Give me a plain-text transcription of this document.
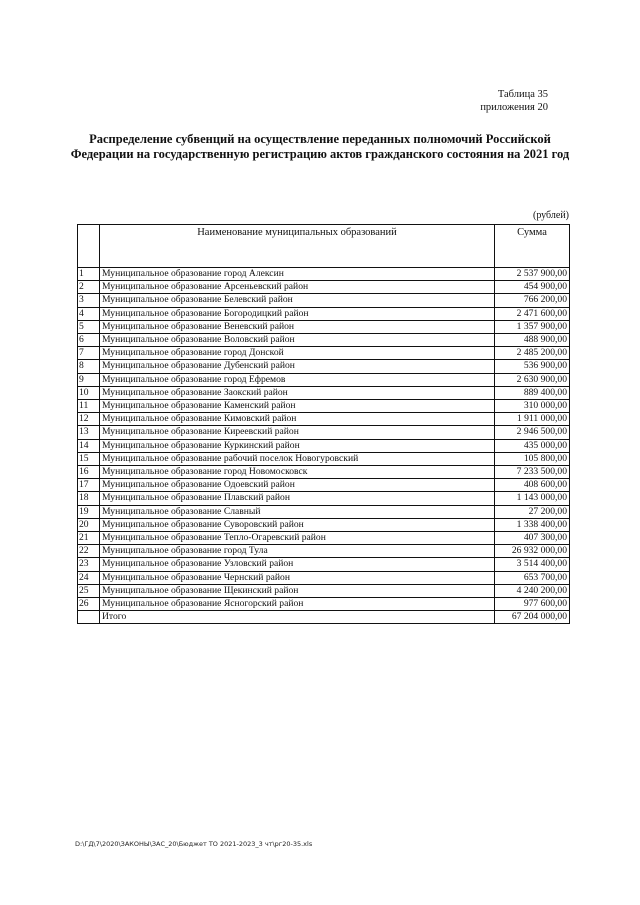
Таблица 35
приложения 20
Распределение субвенций на осуществление переданных полномочий Российской Федерации на государственную регистрацию актов гражданского состояния на 2021 год
(рублей)
	Наименование муниципальных образований	Сумма
1	Муниципальное образование город Алексин	2 537 900,00
2	Муниципальное образование Арсеньевский район	454 900,00
3	Муниципальное образование Белевский район	766 200,00
4	Муниципальное образование Богородицкий район	2 471 600,00
5	Муниципальное образование Веневский район	1 357 900,00
6	Муниципальное образование Воловский район	488 900,00
7	Муниципальное образование город Донской	2 485 200,00
8	Муниципальное образование Дубенский район	536 900,00
9	Муниципальное образование город Ефремов	2 630 900,00
10	Муниципальное образование Заокский район	889 400,00
11	Муниципальное образование Каменский район	310 000,00
12	Муниципальное образование Кимовский район	1 911 000,00
13	Муниципальное образование Киреевский район	2 946 500,00
14	Муниципальное образование Куркинский район	435 000,00
15	Муниципальное образование рабочий поселок Новогуровский	105 800,00
16	Муниципальное образование город Новомосковск	7 233 500,00
17	Муниципальное образование Одоевский район	408 600,00
18	Муниципальное образование Плавский район	1 143 000,00
19	Муниципальное образование Славный	27 200,00
20	Муниципальное образование Суворовский район	1 338 400,00
21	Муниципальное образование Тепло-Огаревский район	407 300,00
22	Муниципальное образование город Тула	26 932 000,00
23	Муниципальное образование Узловский район	3 514 400,00
24	Муниципальное образование Чернский район	653 700,00
25	Муниципальное образование Щекинский район	4 240 200,00
26	Муниципальное образование Ясногорский район	977 600,00
	Итого	67 204 000,00
D:\ГД\7\2020\ЗАКОНЫ\ЗАС_20\Бюджет ТО 2021-2023_3 чт\рг20-35.xls
